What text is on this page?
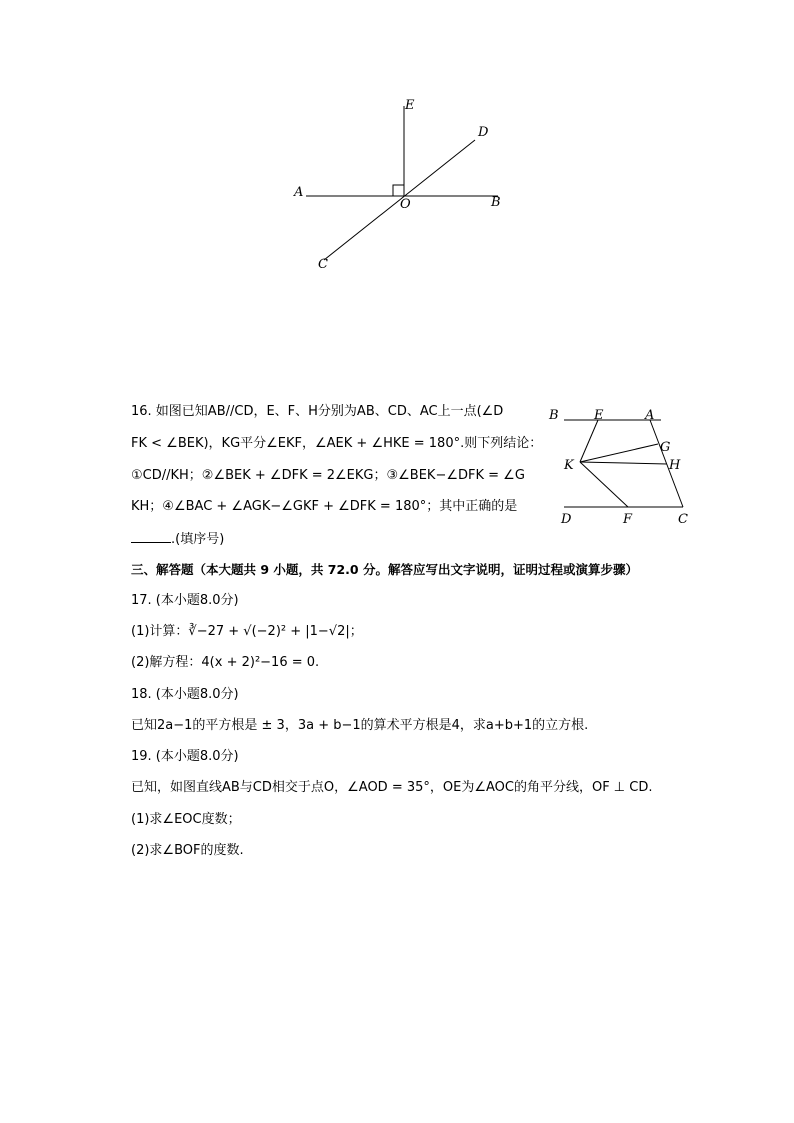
E
D
A
O	B
C
B	E	A
G
K	H
D	F	C
16. 如图已知AB//CD，E、F、H分别为AB、CD、AC上一点(∠D
FK < ∠BEK)，KG平分∠EKF，∠AEK + ∠HKE = 180°.则下列结论：
①CD//KH；②∠BEK + ∠DFK = 2∠EKG；③∠BEK−∠DFK = ∠G
KH；④∠BAC + ∠AGK−∠GKF + ∠DFK = 180°；其中正确的是
.(填序号)
三、解答题（本大题共 9 小题，共 72.0 分。解答应写出文字说明，证明过程或演算步骤）
17. (本小题8.0分)
(1)计算：∛−27 + √(−2)² + |1−√2|；
(2)解方程：4(x + 2)²−16 = 0.
18. (本小题8.0分)
已知2a−1的平方根是 ± 3，3a + b−1的算术平方根是4，求a+b+1的立方根.
19. (本小题8.0分)
已知，如图直线AB与CD相交于点O，∠AOD = 35°，OE为∠AOC的角平分线，OF ⊥ CD.
(1)求∠EOC度数；
(2)求∠BOF的度数.
